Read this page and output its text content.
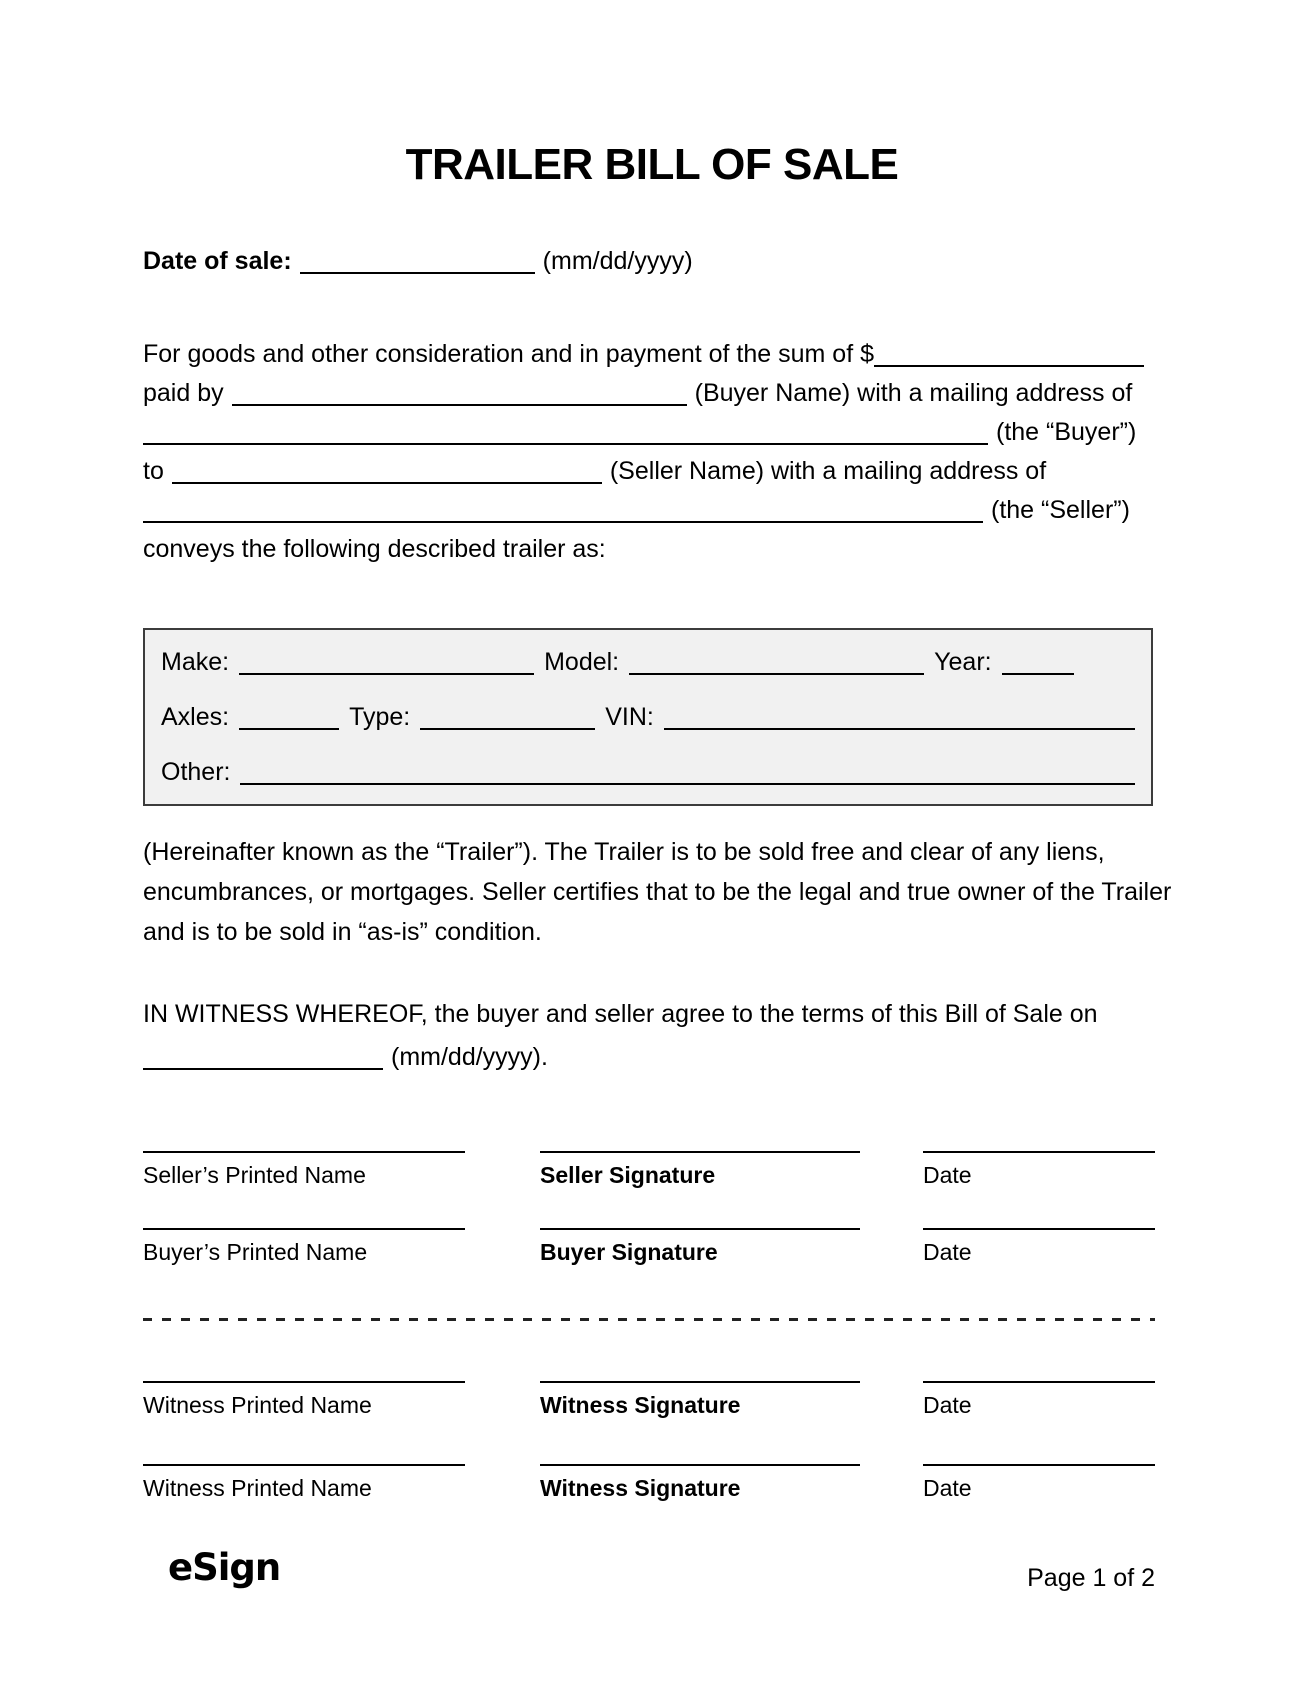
TRAILER BILL OF SALE
Date of sale:	(mm/dd/yyyy)
For goods and other consideration and in payment of the sum of $
paid by	(Buyer Name) with a mailing address of
(the “Buyer”)
to	(Seller Name) with a mailing address of
(the “Seller”)
conveys the following described trailer as:
Make:	Model:	Year:
Axles:	Type:	VIN:
Other:
(Hereinafter known as the “Trailer”). The Trailer is to be sold free and clear of any liens,
encumbrances, or mortgages. Seller certifies that to be the legal and true owner of the Trailer
and is to be sold in “as-is” condition.
IN WITNESS WHEREOF, the buyer and seller agree to the terms of this Bill of Sale on
(mm/dd/yyyy).
Seller’s Printed Name	Seller Signature	Date
Buyer’s Printed Name	Buyer Signature	Date
Witness Printed Name	Witness Signature	Date
Witness Printed Name	Witness Signature	Date
eSign	Page 1 of 2
